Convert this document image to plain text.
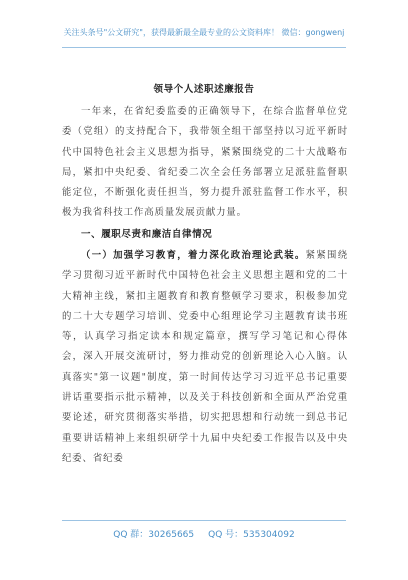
关注头条号"公文研究"，获得最新最全最专业的公文资料库！ 微信：gongwenj
领导个人述职述廉报告

一年来，在省纪委监委的正确领导下，在综合监督单位党委（党组）的支持配合下，我带领全组干部坚持以习近平新时代中国特色社会主义思想为指导，紧紧围绕党的二十大战略布局，紧扣中央纪委、省纪委二次全会任务部署立足派驻监督职能定位，不断强化责任担当，努力提升派驻监督工作水平，积极为我省科技工作高质量发展贡献力量。

一、履职尽责和廉洁自律情况

（一）加强学习教育，着力深化政治理论武装。紧紧围绕学习贯彻习近平新时代中国特色社会主义思想主题和党的二十大精神主线，紧扣主题教育和教育整顿学习要求，积极参加党的二十大专题学习培训、党委中心组理论学习主题教育读书班等，认真学习指定读本和规定篇章，撰写学习笔记和心得体会，深入开展交流研讨，努力推动党的创新理论入心入脑。认真落实"第一议题"制度，第一时间传达学习习近平总书记重要讲话重要指示批示精神，以及关于科技创新和全面从严治党重要论述，研究贯彻落实举措，切实把思想和行动统一到总书记重要讲话精神上来组织研学十九届中央纪委工作报告以及中央纪委、省纪委

QQ 群：30265665 QQ 号：535304092
